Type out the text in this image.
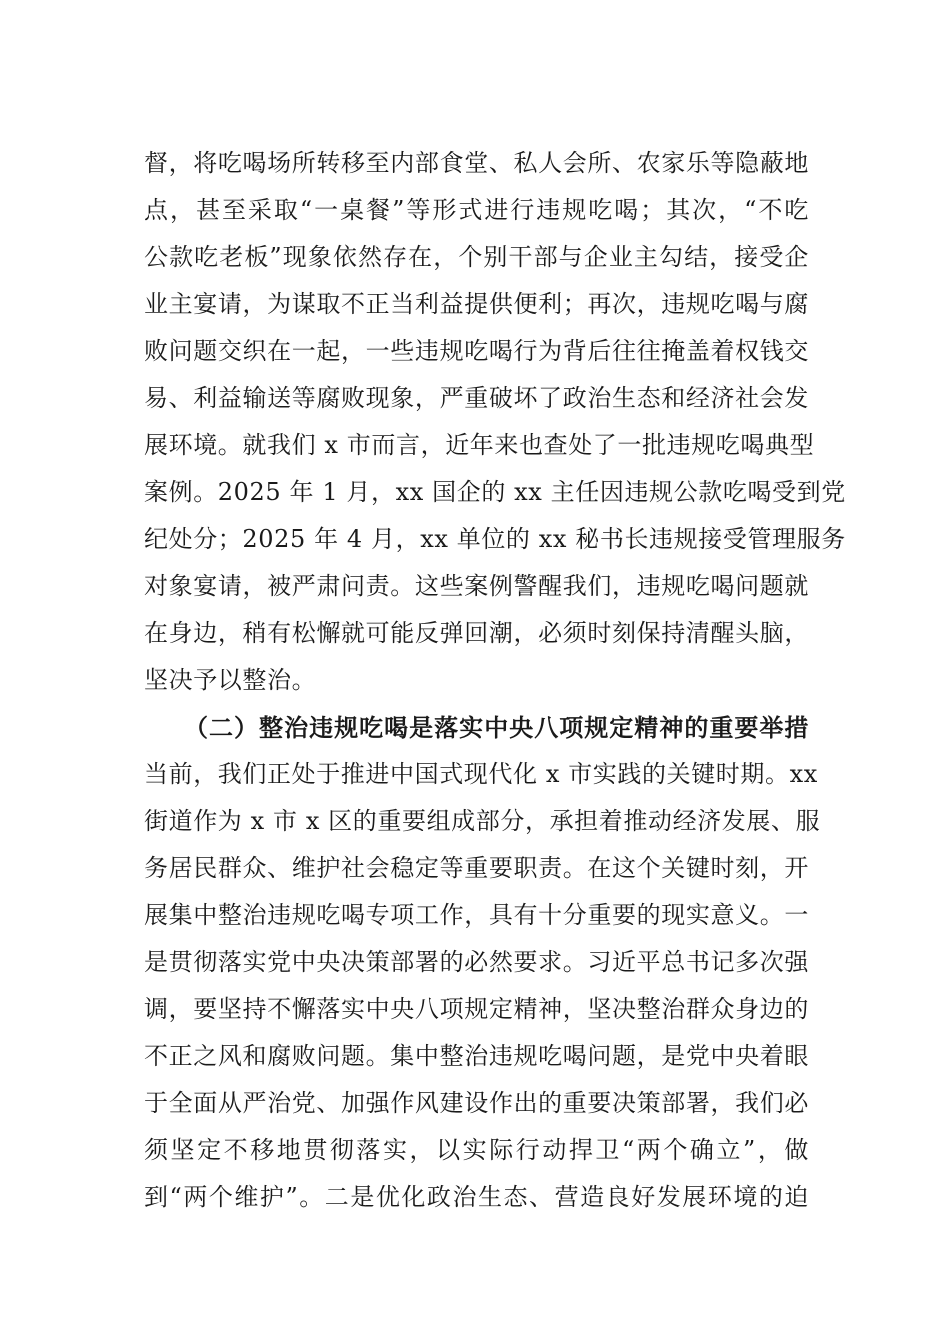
督，将吃喝场所转移至内部食堂、私人会所、农家乐等隐蔽地
点，甚至采取“一桌餐”等形式进行违规吃喝；其次，“不吃
公款吃老板”现象依然存在，个别干部与企业主勾结，接受企
业主宴请，为谋取不正当利益提供便利；再次，违规吃喝与腐
败问题交织在一起，一些违规吃喝行为背后往往掩盖着权钱交
易、利益输送等腐败现象，严重破坏了政治生态和经济社会发
展环境。就我们 x 市而言，近年来也查处了一批违规吃喝典型
案例。2025 年 1 月，xx 国企的 xx 主任因违规公款吃喝受到党
纪处分；2025 年 4 月，xx 单位的 xx 秘书长违规接受管理服务
对象宴请，被严肃问责。这些案例警醒我们，违规吃喝问题就
在身边，稍有松懈就可能反弹回潮，必须时刻保持清醒头脑，
坚决予以整治。
（二）整治违规吃喝是落实中央八项规定精神的重要举措
当前，我们正处于推进中国式现代化 x 市实践的关键时期。xx
街道作为 x 市 x 区的重要组成部分，承担着推动经济发展、服
务居民群众、维护社会稳定等重要职责。在这个关键时刻，开
展集中整治违规吃喝专项工作，具有十分重要的现实意义。一
是贯彻落实党中央决策部署的必然要求。习近平总书记多次强
调，要坚持不懈落实中央八项规定精神，坚决整治群众身边的
不正之风和腐败问题。集中整治违规吃喝问题，是党中央着眼
于全面从严治党、加强作风建设作出的重要决策部署，我们必
须坚定不移地贯彻落实，以实际行动捍卫“两个确立”，做
到“两个维护”。二是优化政治生态、营造良好发展环境的迫
